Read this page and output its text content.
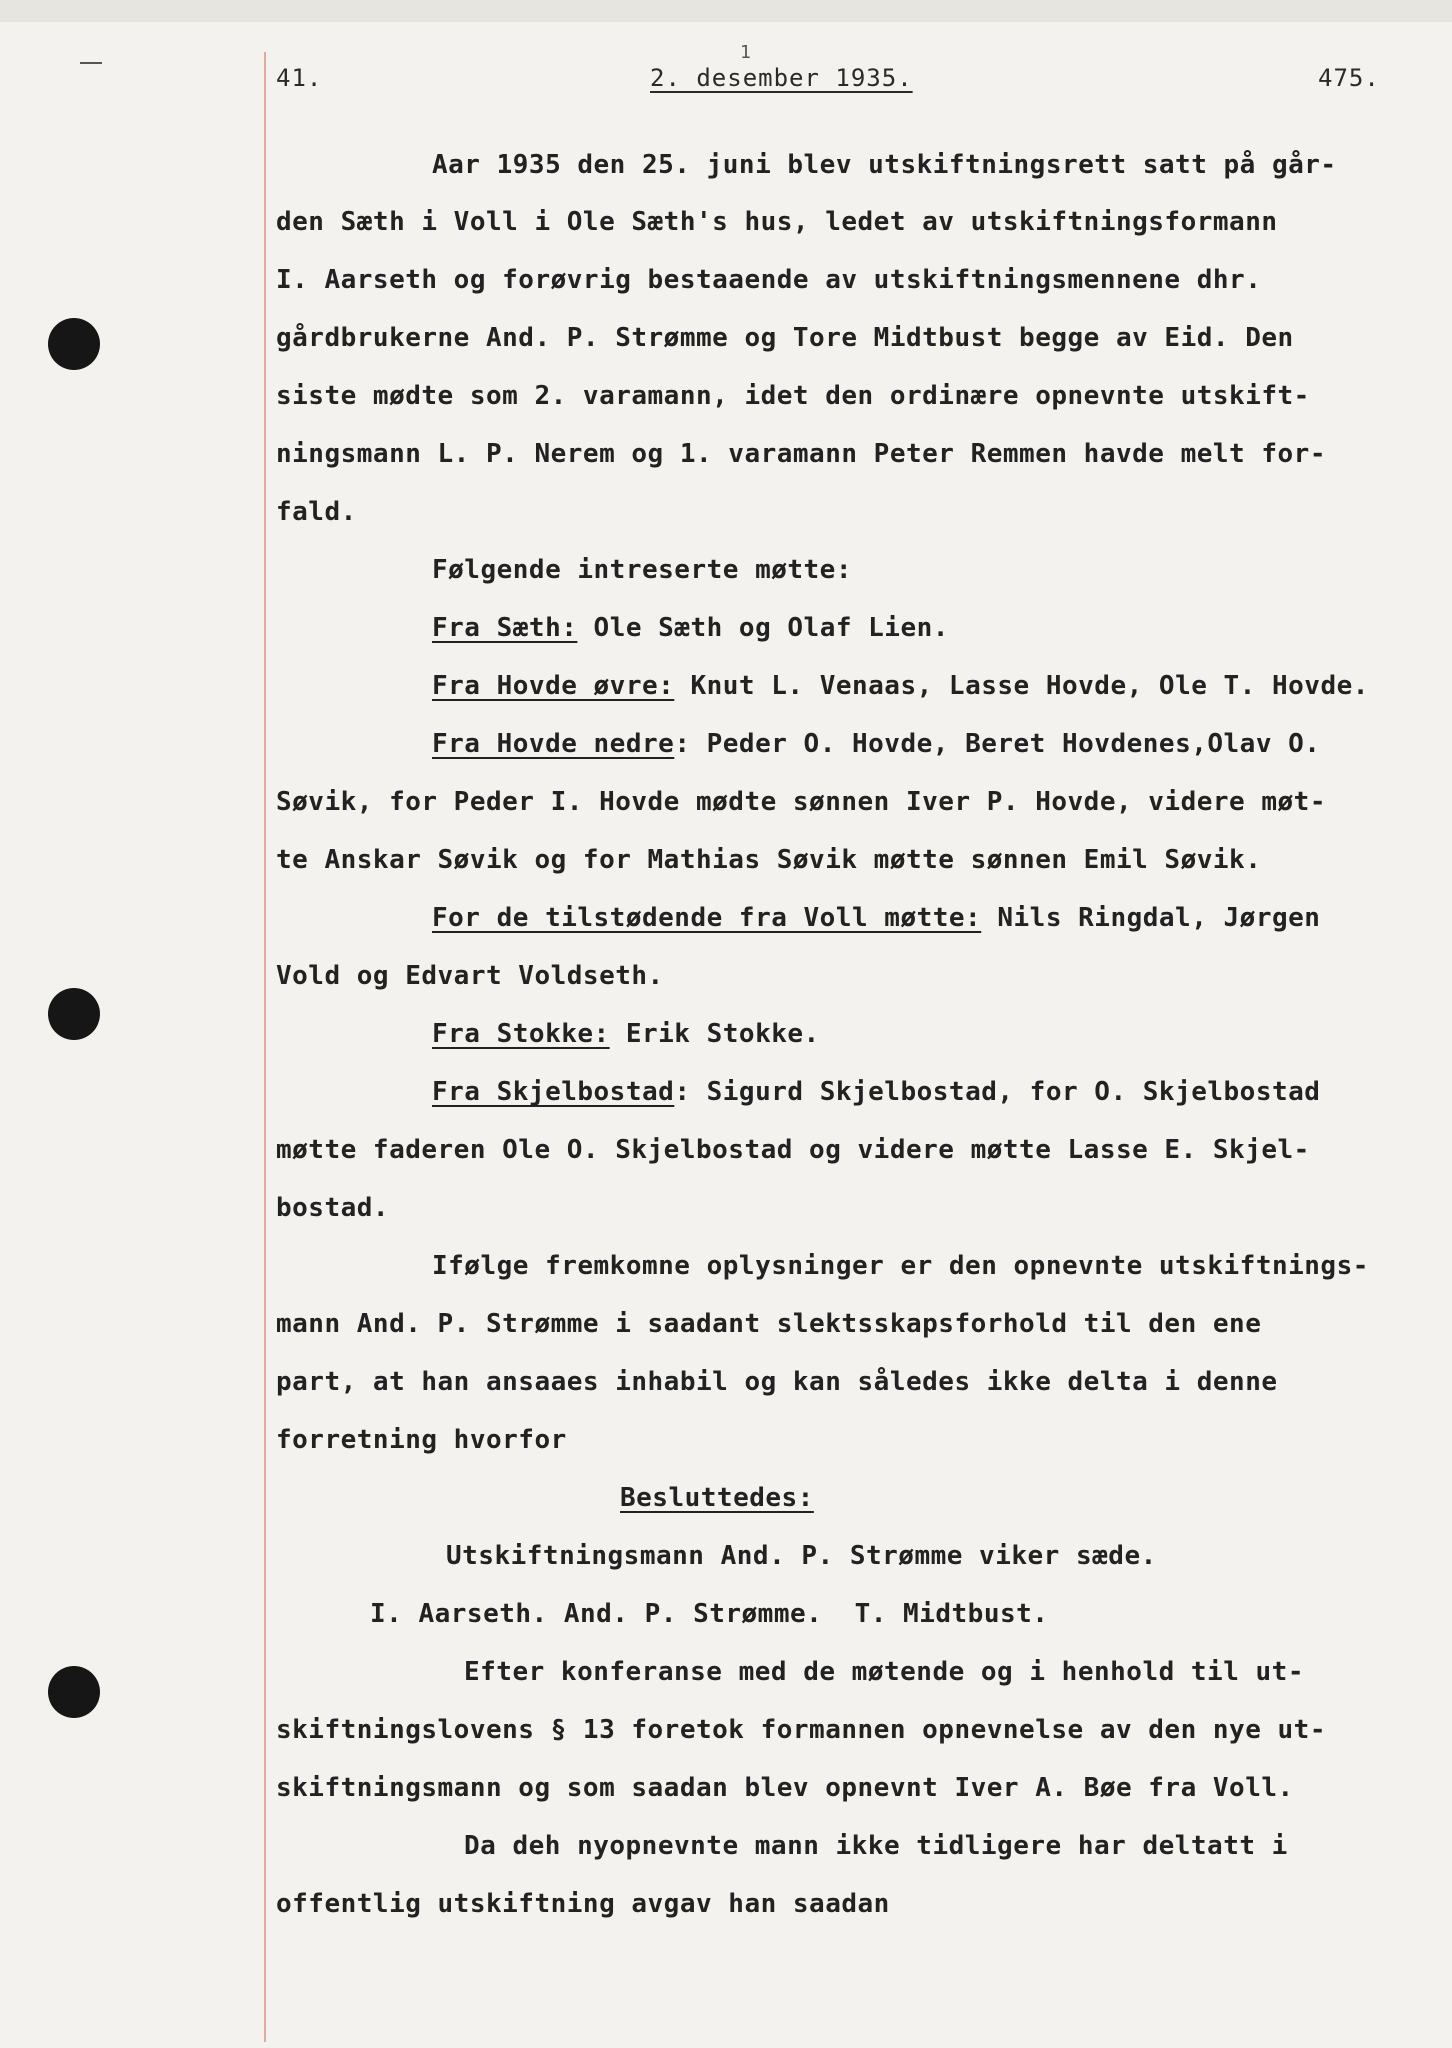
1
41.	2. desember 1935.	475.
Aar 1935 den 25. juni blev utskiftningsrett satt på går-
den Sæth i Voll i Ole Sæth's hus, ledet av utskiftningsformann
I. Aarseth og forøvrig bestaaende av utskiftningsmennene dhr.
gårdbrukerne And. P. Strømme og Tore Midtbust begge av Eid. Den
siste mødte som 2. varamann, idet den ordinære opnevnte utskift-
ningsmann L. P. Nerem og 1. varamann Peter Remmen havde melt for-
fald.
Følgende intreserte møtte:
Fra Sæth: Ole Sæth og Olaf Lien.
Fra Hovde øvre: Knut L. Venaas, Lasse Hovde, Ole T. Hovde.
Fra Hovde nedre: Peder O. Hovde, Beret Hovdenes,Olav O.
Søvik, for Peder I. Hovde mødte sønnen Iver P. Hovde, videre møt-
te Anskar Søvik og for Mathias Søvik møtte sønnen Emil Søvik.
For de tilstødende fra Voll møtte: Nils Ringdal, Jørgen
Vold og Edvart Voldseth.
Fra Stokke: Erik Stokke.
Fra Skjelbostad: Sigurd Skjelbostad, for O. Skjelbostad
møtte faderen Ole O. Skjelbostad og videre møtte Lasse E. Skjel-
bostad.
Ifølge fremkomne oplysninger er den opnevnte utskiftnings-
mann And. P. Strømme i saadant slektsskapsforhold til den ene
part, at han ansaaes inhabil og kan således ikke delta i denne
forretning hvorfor
Besluttedes:
Utskiftningsmann And. P. Strømme viker sæde.
I. Aarseth. And. P. Strømme.  T. Midtbust.
Efter konferanse med de møtende og i henhold til ut-
skiftningslovens § 13 foretok formannen opnevnelse av den nye ut-
skiftningsmann og som saadan blev opnevnt Iver A. Bøe fra Voll.
Da deh nyopnevnte mann ikke tidligere har deltatt i
offentlig utskiftning avgav han saadan
